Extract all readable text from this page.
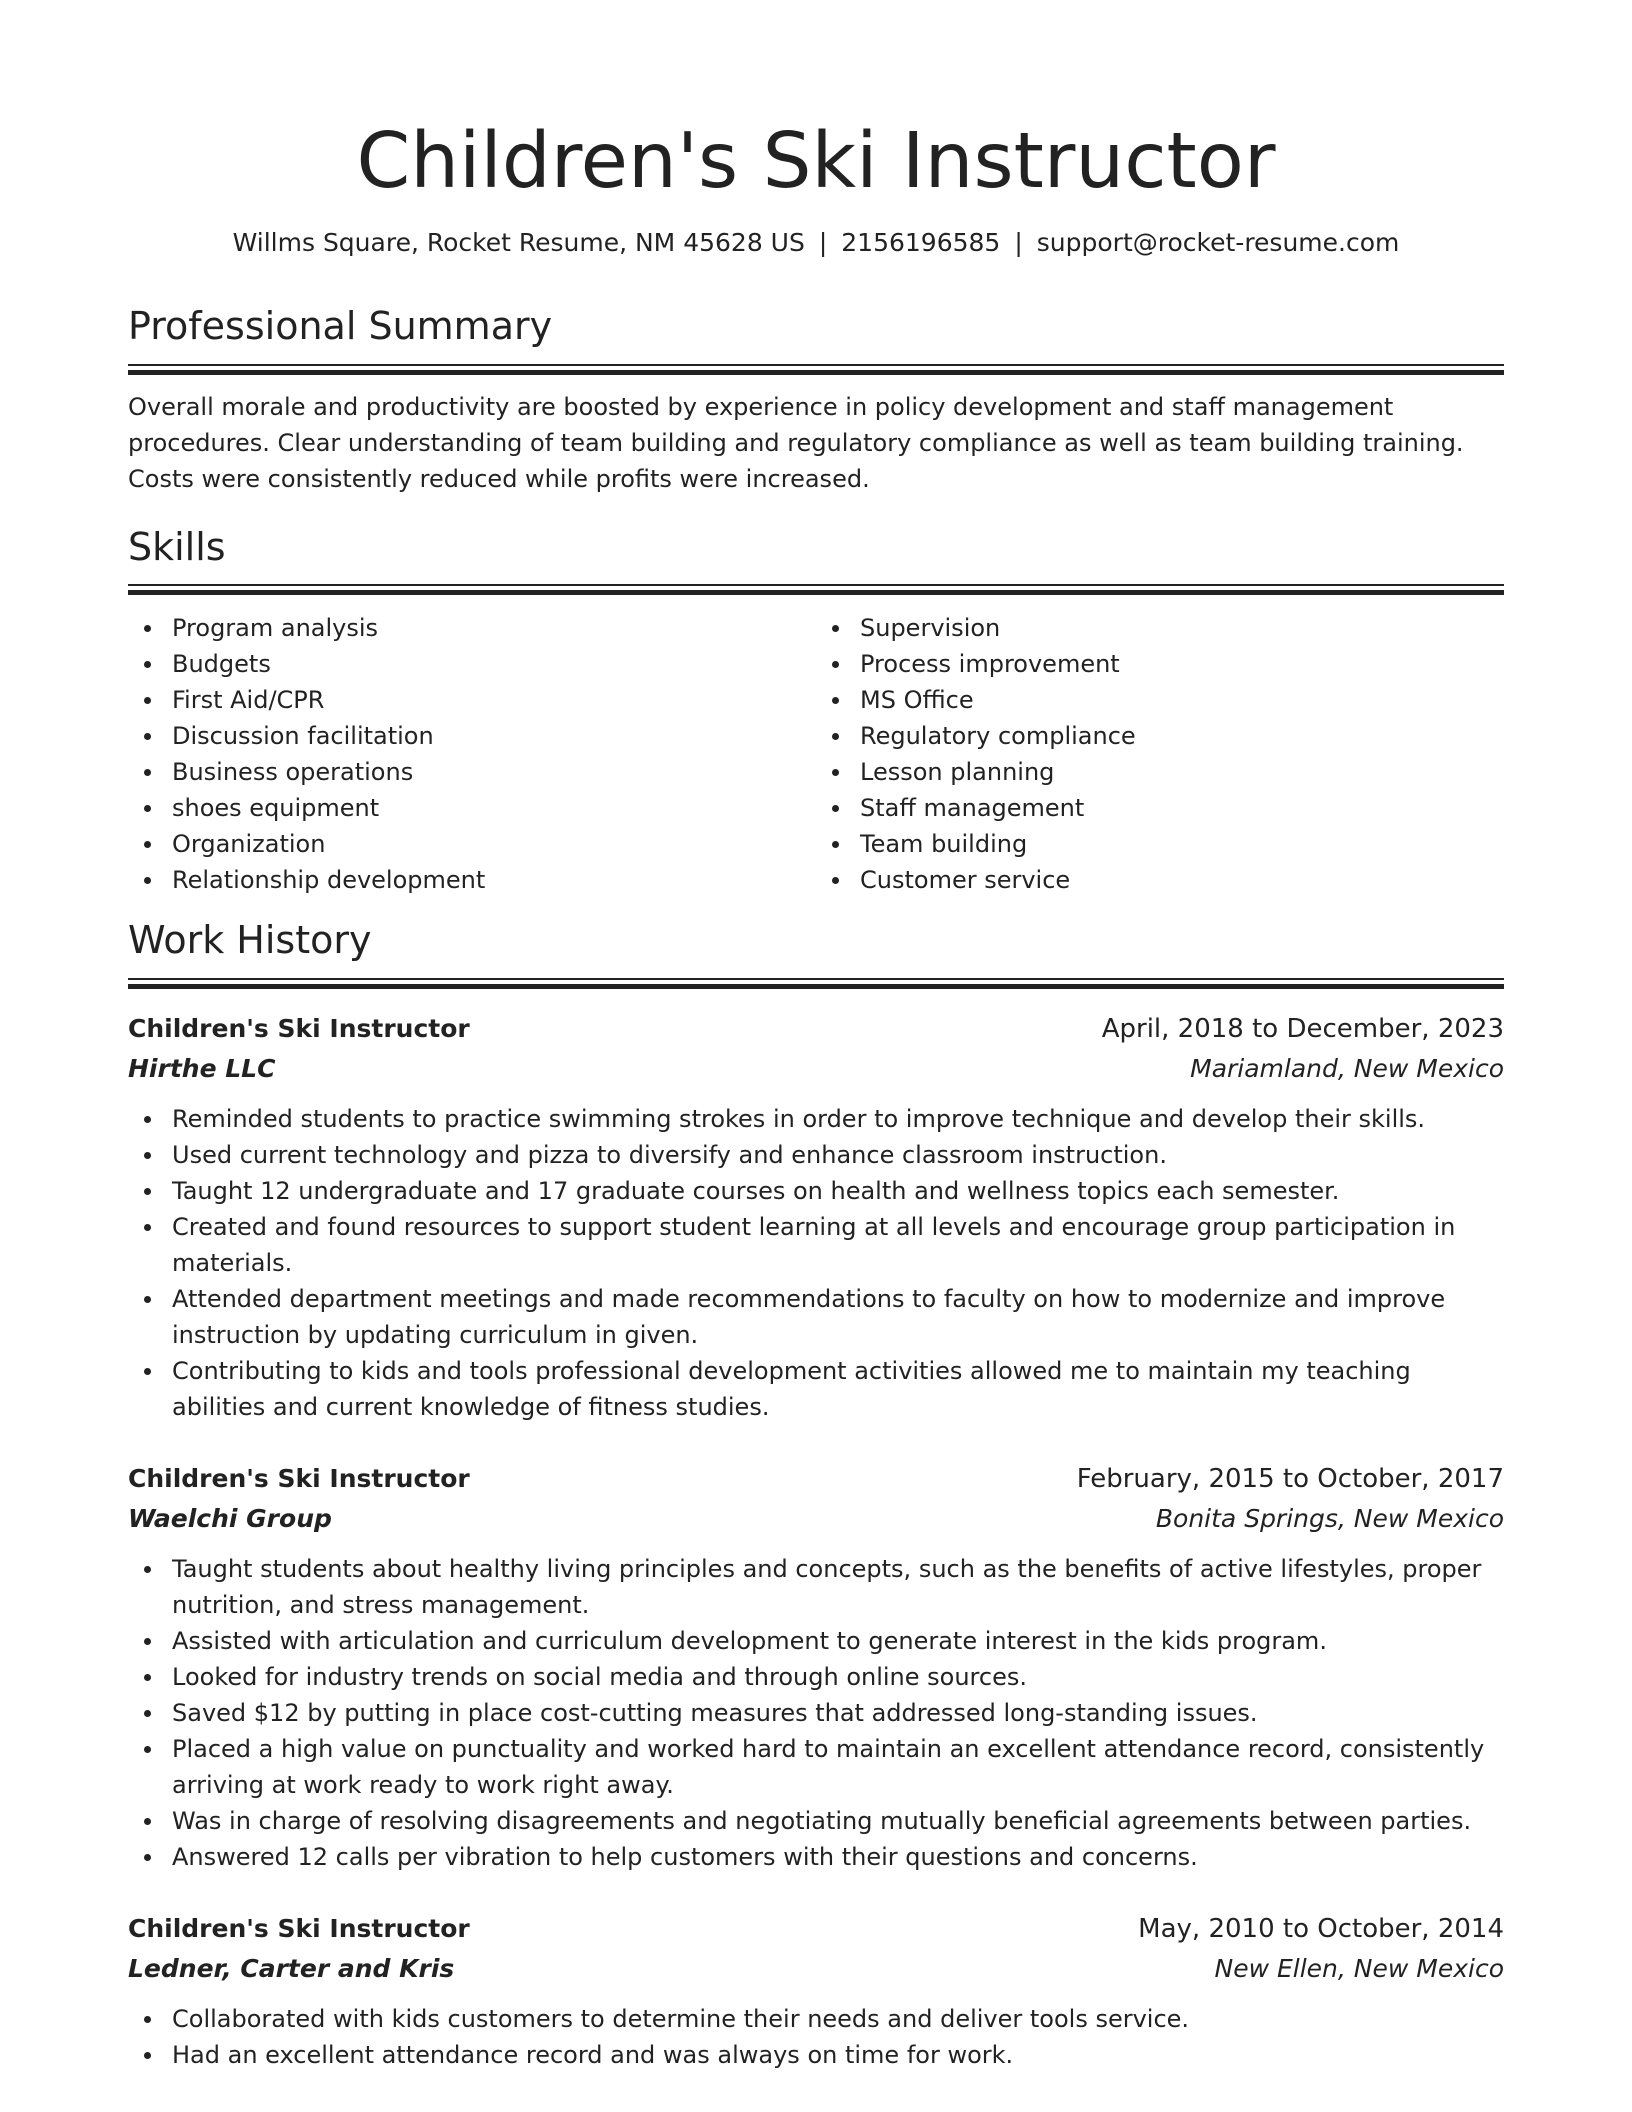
Children's Ski Instructor
Willms Square, Rocket Resume, NM 45628 US | 2156196585 | support@rocket-resume.com
Professional Summary

Overall morale and productivity are boosted by experience in policy development and staff management procedures. Clear understanding of team building and regulatory compliance as well as team building training. Costs were consistently reduced while profits were increased.

Skills
Program analysis
Budgets
First Aid/CPR
Discussion facilitation
Business operations
shoes equipment
Organization
Relationship development
Supervision
Process improvement
MS Office
Regulatory compliance
Lesson planning
Staff management
Team building
Customer service
Work History
Children's Ski Instructor	April, 2018 to December, 2023
Hirthe LLC	Mariamland, New Mexico
Reminded students to practice swimming strokes in order to improve technique and develop their skills.
Used current technology and pizza to diversify and enhance classroom instruction.
Taught 12 undergraduate and 17 graduate courses on health and wellness topics each semester.
Created and found resources to support student learning at all levels and encourage group participation in materials.
Attended department meetings and made recommendations to faculty on how to modernize and improve instruction by updating curriculum in given.
Contributing to kids and tools professional development activities allowed me to maintain my teaching abilities and current knowledge of fitness studies.
Children's Ski Instructor	February, 2015 to October, 2017
Waelchi Group	Bonita Springs, New Mexico
Taught students about healthy living principles and concepts, such as the benefits of active lifestyles, proper nutrition, and stress management.
Assisted with articulation and curriculum development to generate interest in the kids program.
Looked for industry trends on social media and through online sources.
Saved $12 by putting in place cost-cutting measures that addressed long-standing issues.
Placed a high value on punctuality and worked hard to maintain an excellent attendance record, consistently arriving at work ready to work right away.
Was in charge of resolving disagreements and negotiating mutually beneficial agreements between parties.
Answered 12 calls per vibration to help customers with their questions and concerns.
Children's Ski Instructor	May, 2010 to October, 2014
Ledner, Carter and Kris	New Ellen, New Mexico
Collaborated with kids customers to determine their needs and deliver tools service.
Had an excellent attendance record and was always on time for work.
